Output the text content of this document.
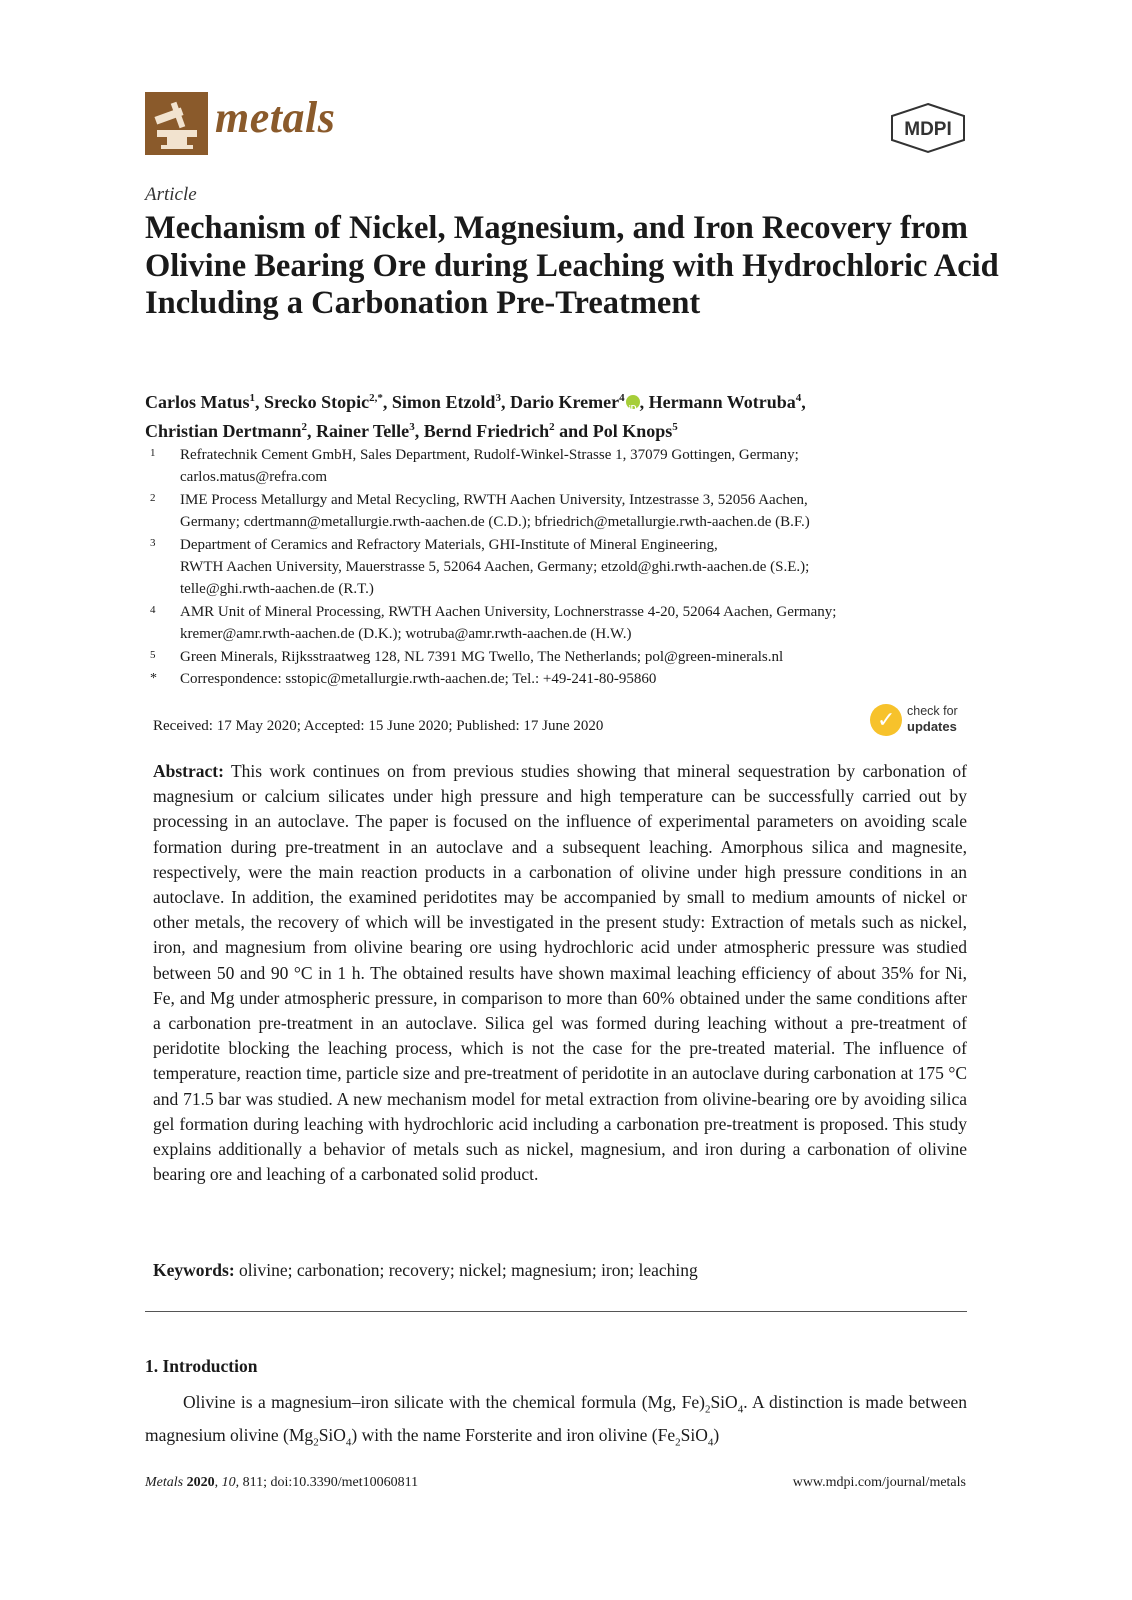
metals	MDPI
Article
Mechanism of Nickel, Magnesium, and Iron Recovery from Olivine Bearing Ore during Leaching with Hydrochloric Acid Including a Carbonation Pre-Treatment
Carlos Matus$^1$, Srecko Stopic$^{2,*}$, Simon Etzold$^3$, Dario Kremer$^4$
iD , Hermann Wotruba$^4$,
Christian Dertmann$^2$, Rainer Telle$^3$, Bernd Friedrich$^2$ and Pol Knops$^5$
1 Refratechnik Cement GmbH, Sales Department, Rudolf-Winkel-Strasse 1, 37079 Gottingen, Germany;
carlos.matus@refra.com
2 IME Process Metallurgy and Metal Recycling, RWTH Aachen University, Intzestrasse 3, 52056 Aachen,
Germany; cdertmann@metallurgie.rwth-aachen.de (C.D.); bfriedrich@metallurgie.rwth-aachen.de (B.F.)
3 Department of Ceramics and Refractory Materials, GHI-Institute of Mineral Engineering,
RWTH Aachen University, Mauerstrasse 5, 52064 Aachen, Germany; etzold@ghi.rwth-aachen.de (S.E.);
telle@ghi.rwth-aachen.de (R.T.)
4 AMR Unit of Mineral Processing, RWTH Aachen University, Lochnerstrasse 4-20, 52064 Aachen, Germany;
kremer@amr.rwth-aachen.de (D.K.); wotruba@amr.rwth-aachen.de (H.W.)
5 Green Minerals, Rijksstraatweg 128, NL 7391 MG Twello, The Netherlands; pol@green-minerals.nl
* Correspondence: sstopic@metallurgie.rwth-aachen.de; Tel.: +49-241-80-95860
Received: 17 May 2020; Accepted: 15 June 2020; Published: 17 June 2020	✓ check for
updates
Abstract: This work continues on from previous studies showing that mineral sequestration by carbonation of magnesium or calcium silicates under high pressure and high temperature can be successfully carried out by processing in an autoclave. The paper is focused on the influence of experimental parameters on avoiding scale formation during pre-treatment in an autoclave and a subsequent leaching. Amorphous silica and magnesite, respectively, were the main reaction products in a carbonation of olivine under high pressure conditions in an autoclave. In addition, the examined peridotites may be accompanied by small to medium amounts of nickel or other metals, the recovery of which will be investigated in the present study: Extraction of metals such as nickel, iron, and magnesium from olivine bearing ore using hydrochloric acid under atmospheric pressure was studied between 50 and 90 °C in 1 h. The obtained results have shown maximal leaching efficiency of about 35% for Ni, Fe, and Mg under atmospheric pressure, in comparison to more than 60% obtained under the same conditions after a carbonation pre-treatment in an autoclave. Silica gel was formed during leaching without a pre-treatment of peridotite blocking the leaching process, which is not the case for the pre-treated material. The influence of temperature, reaction time, particle size and pre-treatment of peridotite in an autoclave during carbonation at 175 °C and 71.5 bar was studied. A new mechanism model for metal extraction from olivine-bearing ore by avoiding silica gel formation during leaching with hydrochloric acid including a carbonation pre-treatment is proposed. This study explains additionally a behavior of metals such as nickel, magnesium, and iron during a carbonation of olivine bearing ore and leaching of a carbonated solid product.
Keywords: olivine; carbonation; recovery; nickel; magnesium; iron; leaching
1. Introduction

Olivine is a magnesium–iron silicate with the chemical formula (Mg, $Fe)_2SiO_4$. A distinction is made between magnesium olivine $(Mg_2SiO_4)$ with the name Forsterite and iron olivine $(Fe_2SiO_4)$

Metals 2020, 10, 811; doi:10.3390/met10060811	www.mdpi.com/journal/metals
